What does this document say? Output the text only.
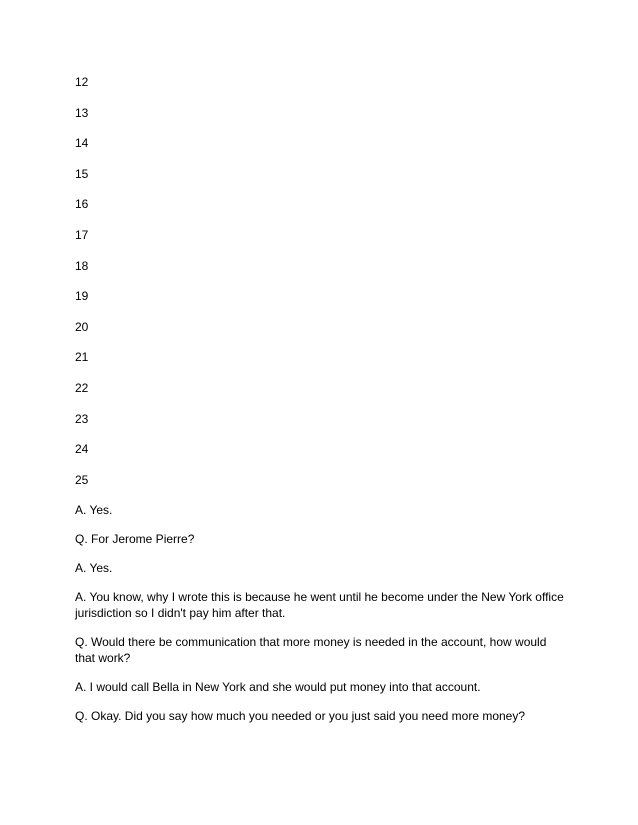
12
13
14
15
16
17
18
19
20
21
22
23
24
25

A. Yes.

Q. For Jerome Pierre?

A. Yes.

A. You know, why I wrote this is because he went until he become under the New York office jurisdiction so I didn't pay him after that.

Q. Would there be communication that more money is needed in the account, how would that work?

A. I would call Bella in New York and she would put money into that account.

Q. Okay. Did you say how much you needed or you just said you need more money?
